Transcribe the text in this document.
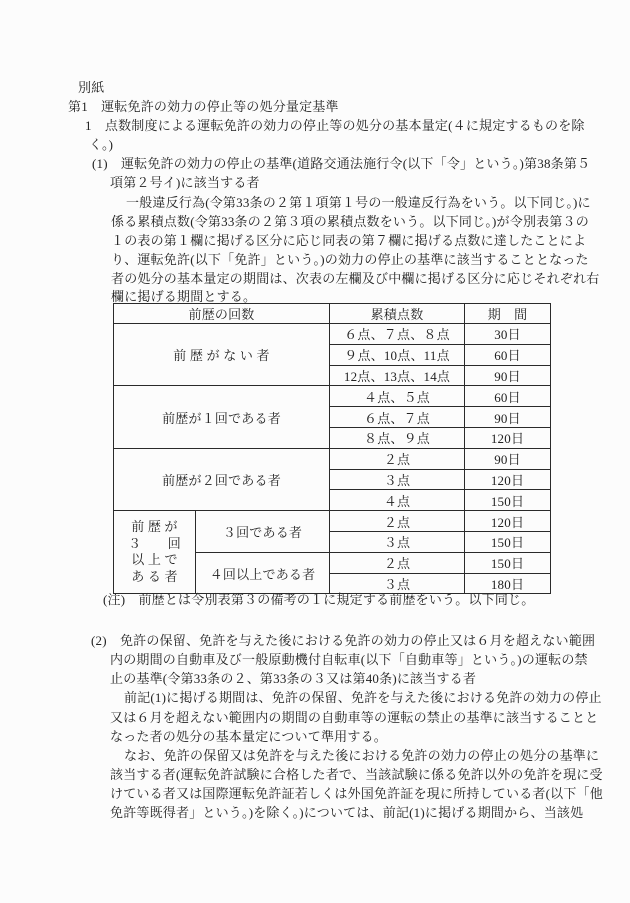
別紙
第1　運転免許の効力の停止等の処分量定基準
1　点数制度による運転免許の効力の停止等の処分の基本量定(４に規定するものを除
く。)
(1)　運転免許の効力の停止の基準(道路交通法施行令(以下「令」という。)第38条第５
項第２号イ)に該当する者
一般違反行為(令第33条の２第１項第１号の一般違反行為をいう。以下同じ。)に
係る累積点数(令第33条の２第３項の累積点数をいう。以下同じ。)が令別表第３の
１の表の第１欄に掲げる区分に応じ同表の第７欄に掲げる点数に達したことによ
り、運転免許(以下「免許」という。)の効力の停止の基準に該当することとなった
者の処分の基本量定の期間は、次表の左欄及び中欄に掲げる区分に応じそれぞれ右
欄に掲げる期間とする。
(注)　前歴とは令別表第３の備考の１に規定する前歴をいう。以下同じ。
(2)　免許の保留、免許を与えた後における免許の効力の停止又は６月を超えない範囲
内の期間の自動車及び一般原動機付自転車(以下「自動車等」という。)の運転の禁
止の基準(令第33条の２、第33条の３又は第40条)に該当する者
前記(1)に掲げる期間は、免許の保留、免許を与えた後における免許の効力の停止
又は６月を超えない範囲内の期間の自動車等の運転の禁止の基準に該当することと
なった者の処分の基本量定について準用する。
なお、免許の保留又は免許を与えた後における免許の効力の停止の処分の基準に
該当する者(運転免許試験に合格した者で、当該試験に係る免許以外の免許を現に受
けている者又は国際運転免許証若しくは外国免許証を現に所持している者(以下「他
免許等既得者」という。)を除く。)については、前記(1)に掲げる期間から、当該処
前歴の回数		累積点数	期　間
前 歴 が な い 者		６点、７点、８点	30日
		９点、10点、11点	60日
		12点、13点、14点	90日
前歴が１回である者		４点、５点	60日
		６点、７点	90日
		８点、９点	120日
前歴が２回である者		２点	90日
		３点	120日
		４点	150日

前 歴 が
３　　回
以 上 で
あ る 者	３回である者	２点	120日
		３点	150日
	４回以上である者	２点	150日
		３点	180日
